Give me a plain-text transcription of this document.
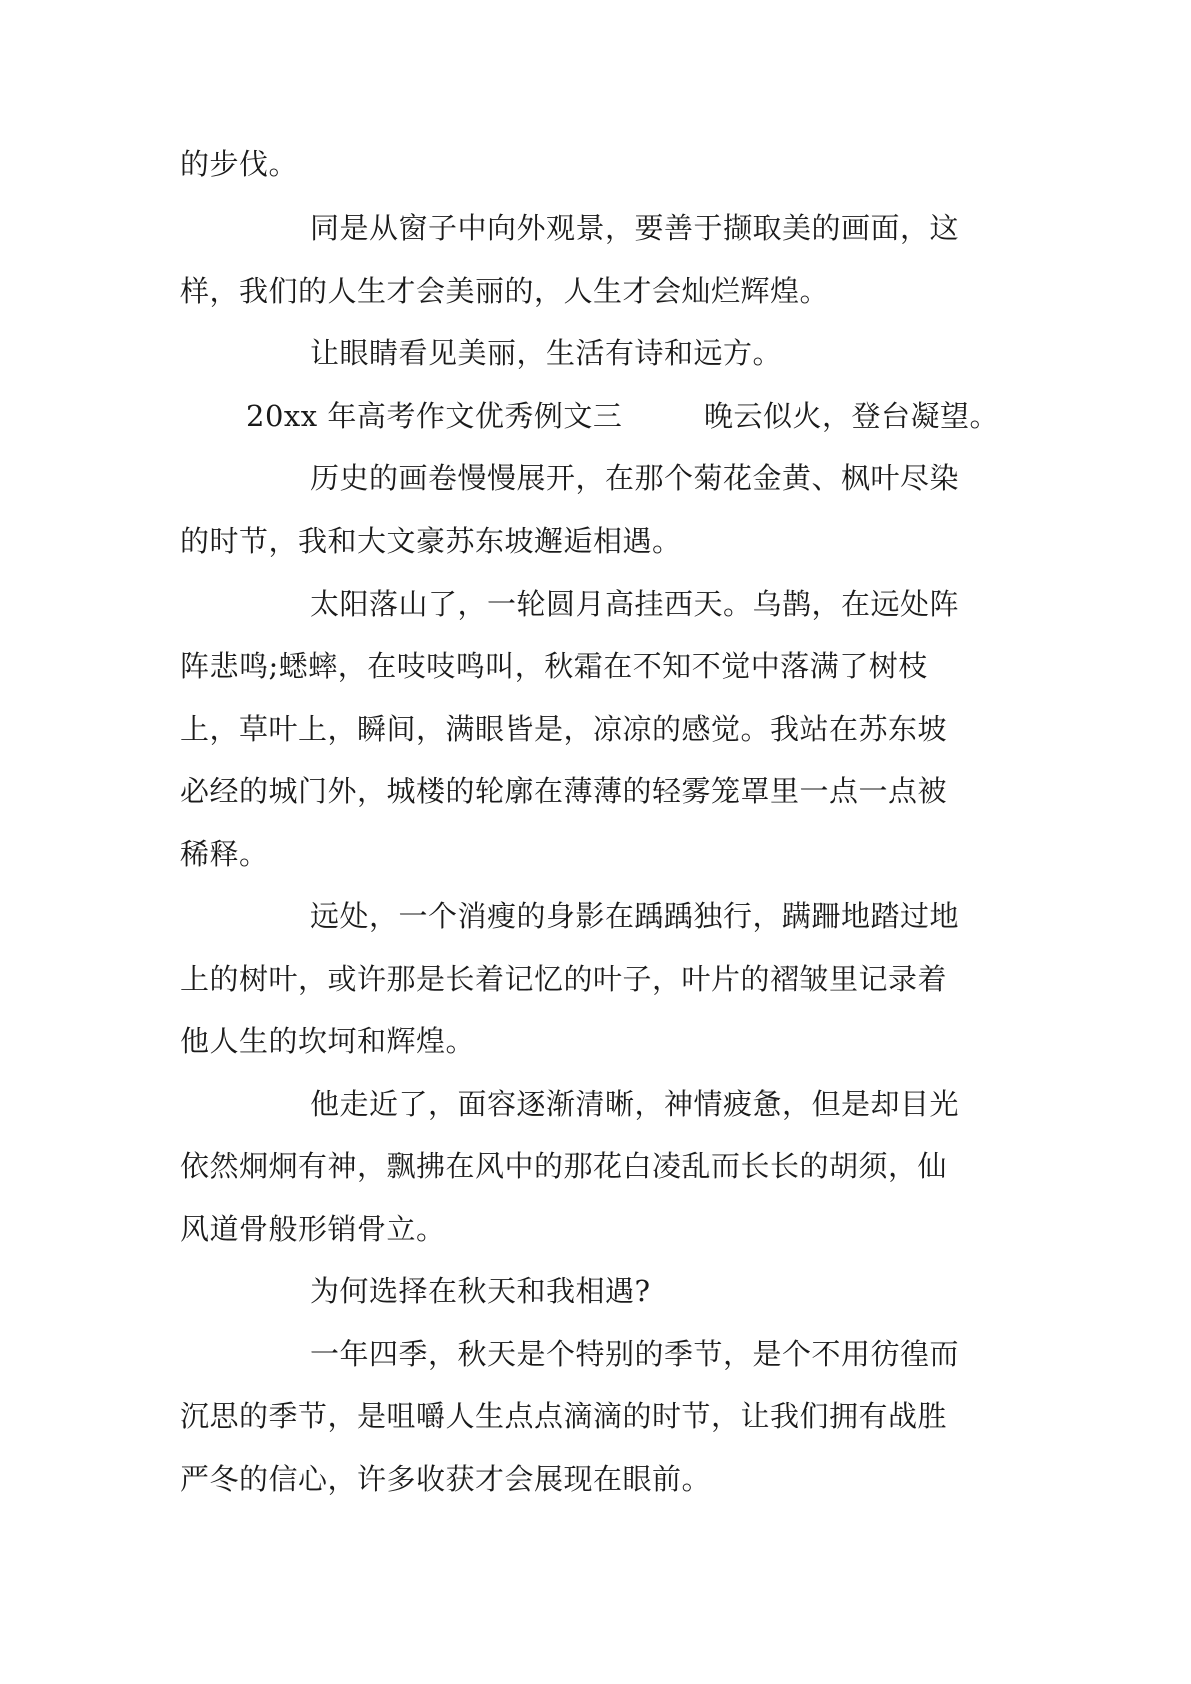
的步伐。
同是从窗子中向外观景，要善于撷取美的画面，这
样，我们的人生才会美丽的，人生才会灿烂辉煌。
让眼睛看见美丽，生活有诗和远方。
20xx 年高考作文优秀例文三	晚云似火，登台凝望。
历史的画卷慢慢展开，在那个菊花金黄、枫叶尽染
的时节，我和大文豪苏东坡邂逅相遇。
太阳落山了，一轮圆月高挂西天。乌鹊，在远处阵
阵悲鸣;蟋蟀，在吱吱鸣叫，秋霜在不知不觉中落满了树枝
上，草叶上，瞬间，满眼皆是，凉凉的感觉。我站在苏东坡
必经的城门外，城楼的轮廓在薄薄的轻雾笼罩里一点一点被
稀释。
远处，一个消瘦的身影在踽踽独行，蹒跚地踏过地
上的树叶，或许那是长着记忆的叶子，叶片的褶皱里记录着
他人生的坎坷和辉煌。
他走近了，面容逐渐清晰，神情疲惫，但是却目光
依然炯炯有神，飘拂在风中的那花白凌乱而长长的胡须，仙
风道骨般形销骨立。
为何选择在秋天和我相遇?
一年四季，秋天是个特别的季节，是个不用彷徨而
沉思的季节，是咀嚼人生点点滴滴的时节，让我们拥有战胜
严冬的信心，许多收获才会展现在眼前。
